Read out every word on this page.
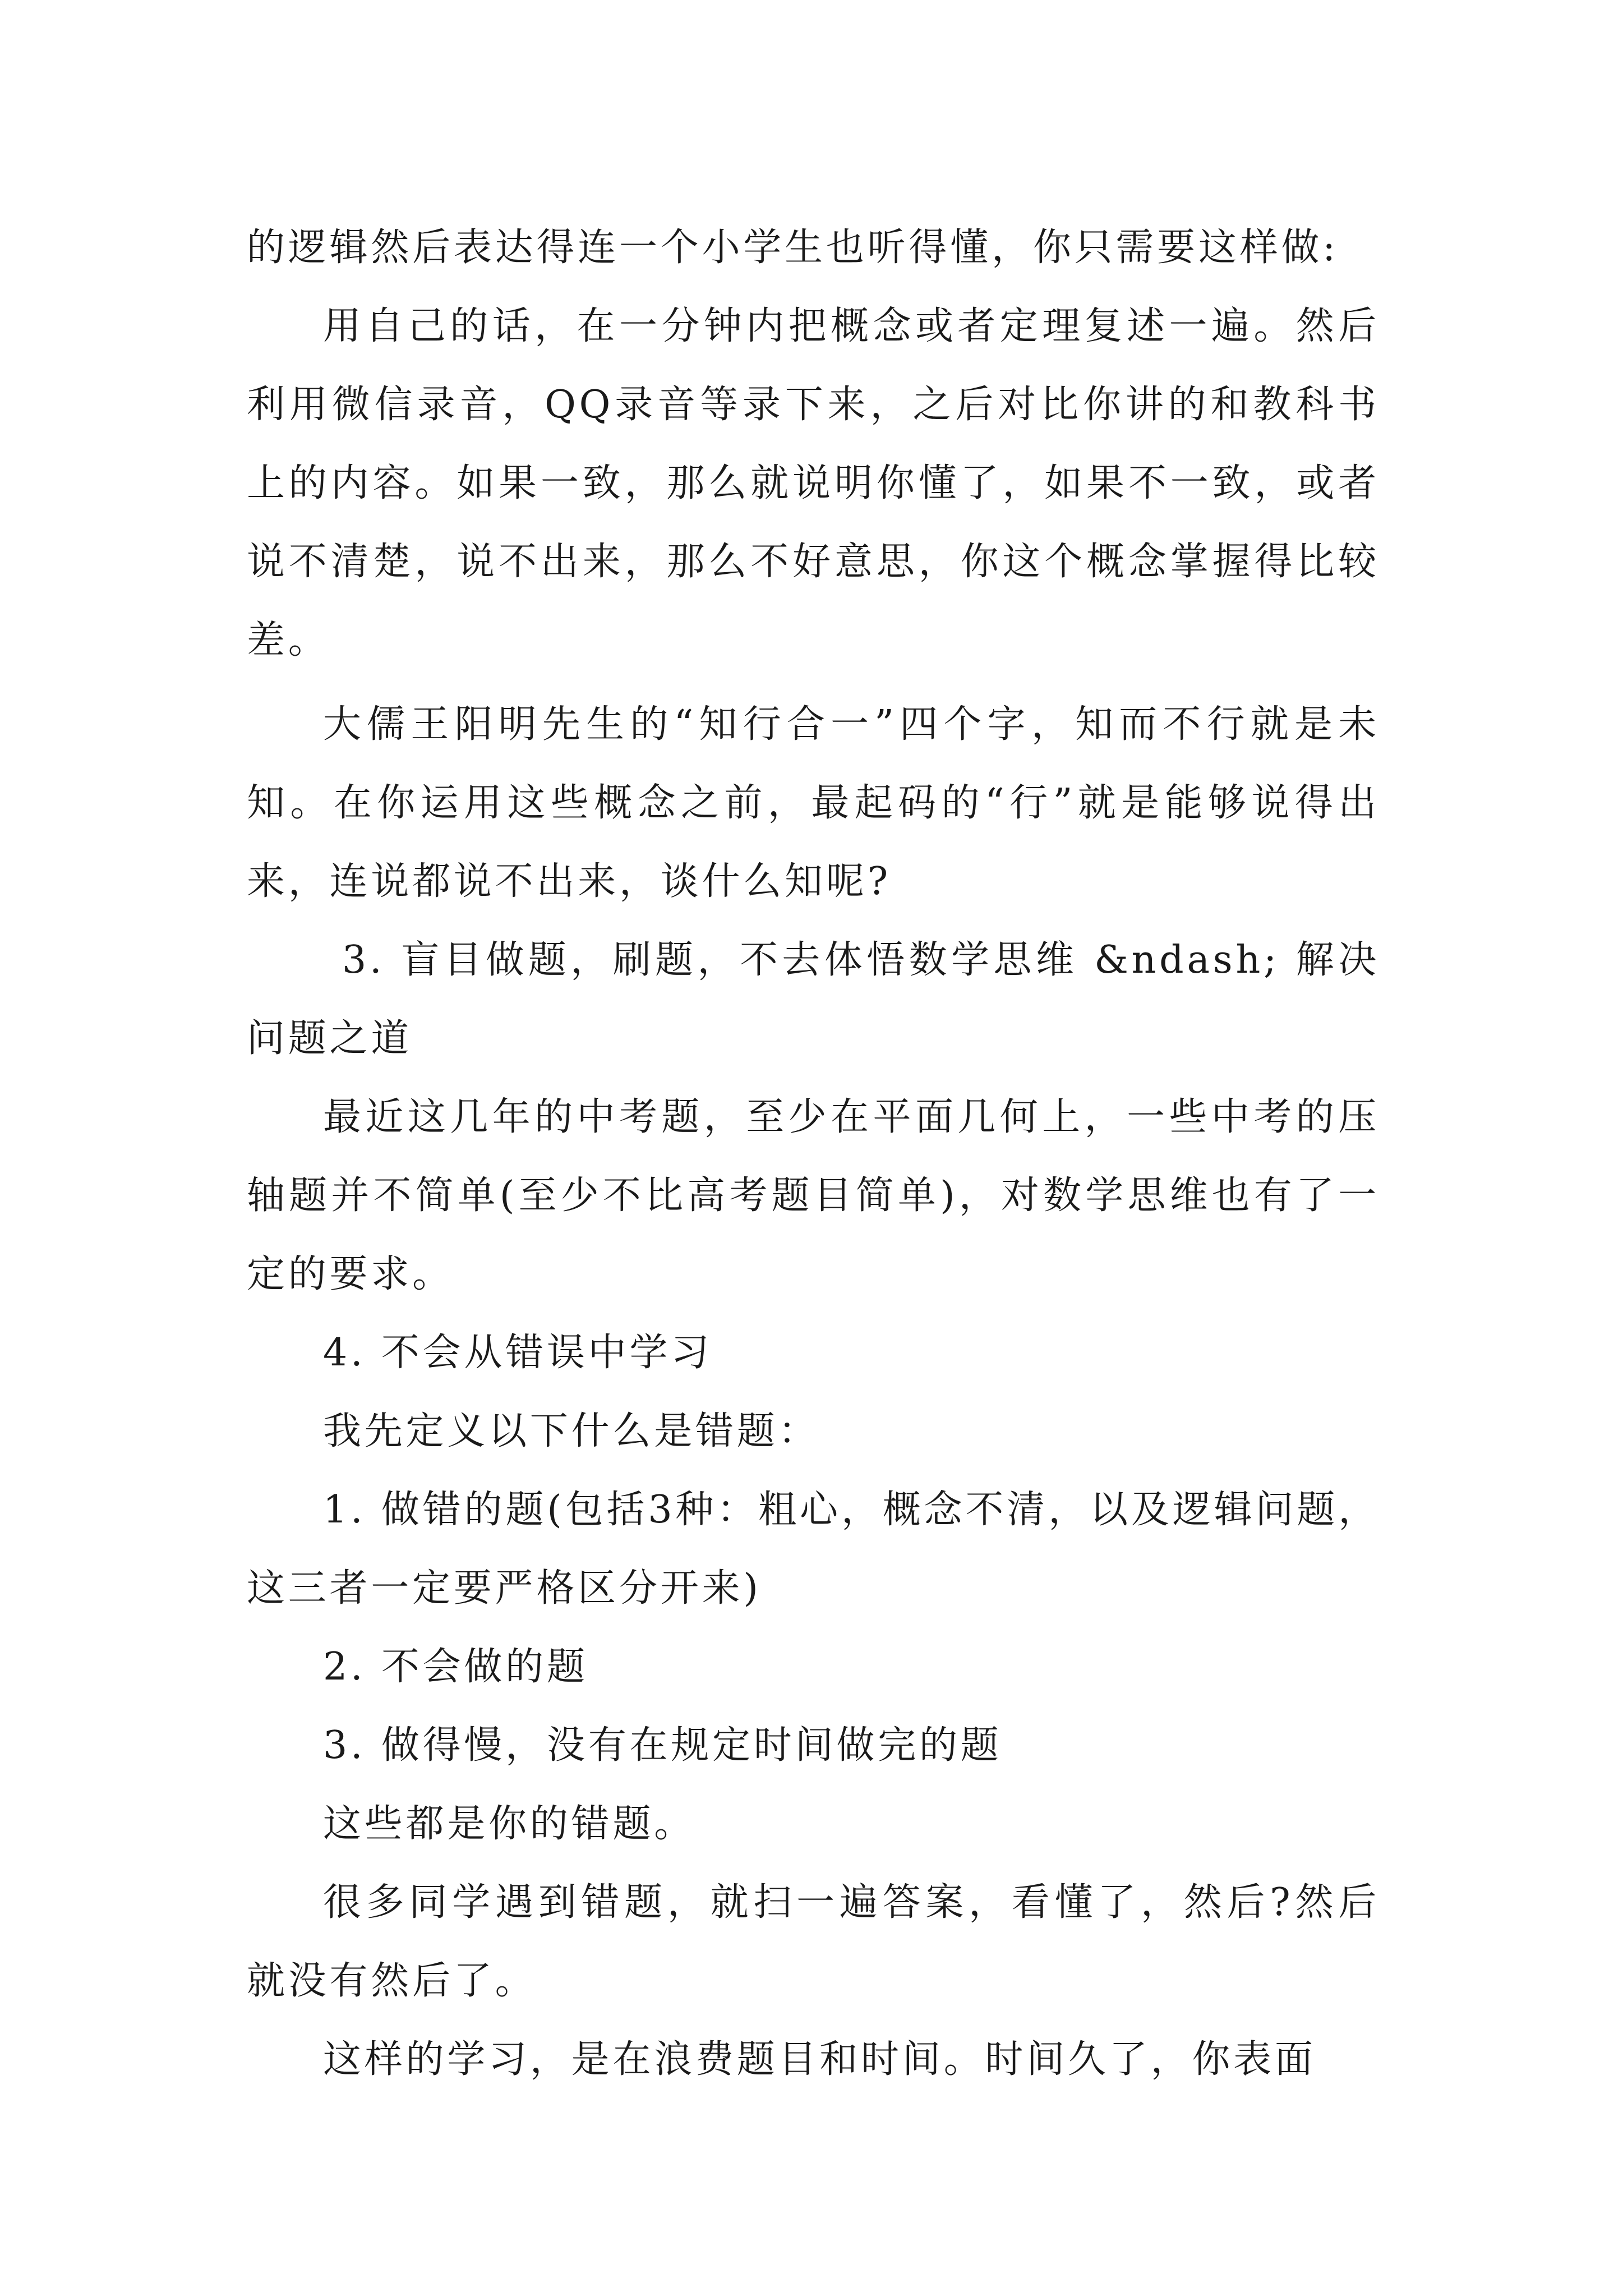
的逻辑然后表达得连一个小学生也听得懂，你只需要这样做:

用自己的话，在一分钟内把概念或者定理复述一遍。然后利用微信录音，QQ录音等录下来，之后对比你讲的和教科书上的内容。如果一致，那么就说明你懂了，如果不一致，或者说不清楚，说不出来，那么不好意思，你这个概念掌握得比较差。

大儒王阳明先生的“知行合一”四个字，知而不行就是未知。在你运用这些概念之前，最起码的“行”就是能够说得出来，连说都说不出来，谈什么知呢?

3. 盲目做题，刷题，不去体悟数学思维 &ndash; 解决问题之道

最近这几年的中考题，至少在平面几何上，一些中考的压轴题并不简单(至少不比高考题目简单)，对数学思维也有了一定的要求。

4. 不会从错误中学习

我先定义以下什么是错题：

1. 做错的题(包括3种：粗心，概念不清，以及逻辑问题，这三者一定要严格区分开来)

2. 不会做的题

3. 做得慢，没有在规定时间做完的题

这些都是你的错题。

很多同学遇到错题，就扫一遍答案，看懂了，然后?然后就没有然后了。

这样的学习，是在浪费题目和时间。时间久了，你表面
